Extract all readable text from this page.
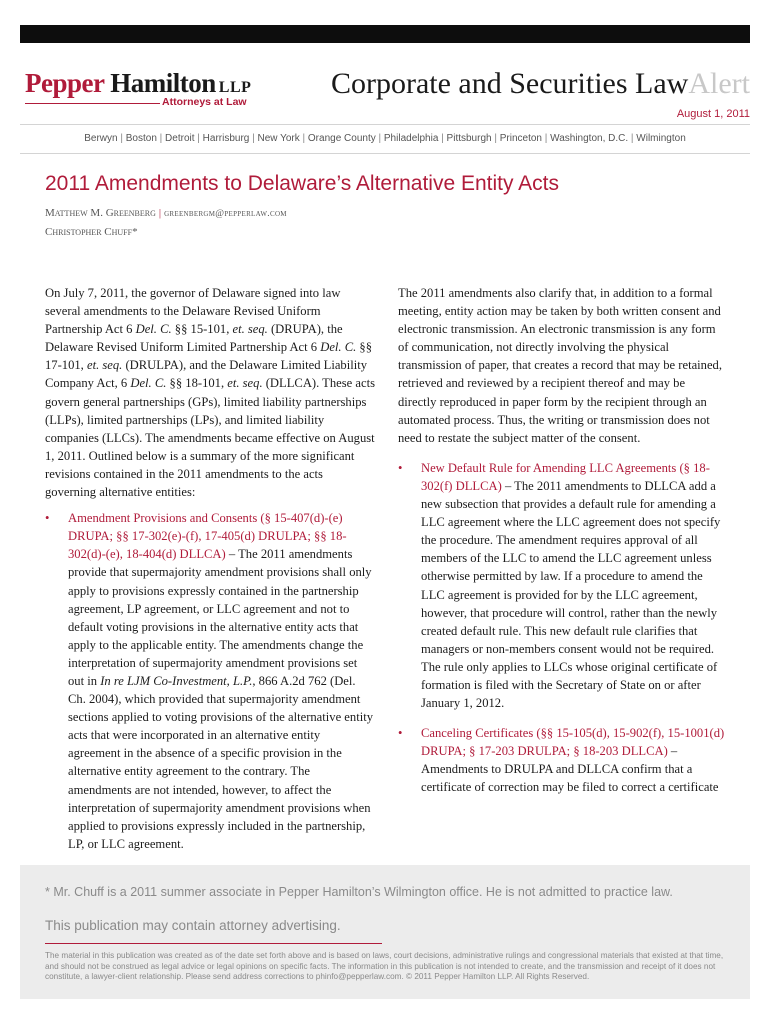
Pepper Hamilton LLP
Attorneys at Law
Corporate and Securities LawAlert
August 1, 2011
Berwyn | Boston | Detroit | Harrisburg | New York | Orange County | Philadelphia | Pittsburgh | Princeton | Washington, D.C. | Wilmington
2011 Amendments to Delaware’s Alternative Entity Acts
Matthew M. Greenberg | greenbergm@pepperlaw.com
Christopher Chuff*

On July 7, 2011, the governor of Delaware signed into law several amendments to the Delaware Revised Uniform Partnership Act 6 Del. C. §§ 15-101, et. seq. (DRUPA), the Delaware Revised Uniform Limited Partnership Act 6 Del. C. §§ 17-101, et. seq. (DRULPA), and the Delaware Limited Liability Company Act, 6 Del. C. §§ 18-101, et. seq. (DLLCA). These acts govern general partnerships (GPs), limited liability partnerships (LLPs), limited partnerships (LPs), and limited liability companies (LLCs). The amendments became effective on August 1, 2011. Outlined below is a summary of the more significant revisions contained in the 2011 amendments to the acts governing alternative entities:

• Amendment Provisions and Consents (§ 15-407(d)-(e) DRUPA; §§ 17-302(e)-(f), 17-405(d) DRULPA; §§ 18-302(d)-(e), 18-404(d) DLLCA) – The 2011 amendments provide that supermajority amendment provisions shall only apply to provisions expressly contained in the partnership agreement, LP agreement, or LLC agreement and not to default voting provisions in the alternative entity acts that apply to the applicable entity. The amendments change the interpretation of supermajority amendment provisions set out in In re LJM Co-Investment, L.P., 866 A.2d 762 (Del. Ch. 2004), which provided that supermajority amendment sections applied to voting provisions of the alternative entity acts that were incorporated in an alternative entity agreement in the absence of a specific provision in the alternative entity agreement to the contrary. The amendments are not intended, however, to affect the interpretation of supermajority amendment provisions when applied to provisions expressly included in the partnership, LP, or LLC agreement.

The 2011 amendments also clarify that, in addition to a formal meeting, entity action may be taken by both written consent and electronic transmission. An electronic transmission is any form of communication, not directly involving the physical transmission of paper, that creates a record that may be retained, retrieved and reviewed by a recipient thereof and may be directly reproduced in paper form by the recipient through an automated process. Thus, the writing or transmission does not need to restate the subject matter of the consent.

• New Default Rule for Amending LLC Agreements (§ 18-302(f) DLLCA) – The 2011 amendments to DLLCA add a new subsection that provides a default rule for amending a LLC agreement where the LLC agreement does not specify the procedure. The amendment requires approval of all members of the LLC to amend the LLC agreement unless otherwise permitted by law. If a procedure to amend the LLC agreement is provided for by the LLC agreement, however, that procedure will control, rather than the newly created default rule. This new default rule clarifies that managers or non-members consent would not be required. The rule only applies to LLCs whose original certificate of formation is filed with the Secretary of State on or after January 1, 2012.

• Canceling Certificates (§§ 15-105(d), 15-902(f), 15-1001(d) DRUPA; § 17-203 DRULPA; § 18-203 DLLCA) – Amendments to DRULPA and DLLCA confirm that a certificate of correction may be filed to correct a certificate

* Mr. Chuff is a 2011 summer associate in Pepper Hamilton’s Wilmington office. He is not admitted to practice law.

This publication may contain attorney advertising.

The material in this publication was created as of the date set forth above and is based on laws, court decisions, administrative rulings and congressional materials that existed at that time, and should not be construed as legal advice or legal opinions on specific facts. The information in this publication is not intended to create, and the transmission and receipt of it does not constitute, a lawyer-client relationship. Please send address corrections to phinfo@pepperlaw.com. © 2011 Pepper Hamilton LLP. All Rights Reserved.
